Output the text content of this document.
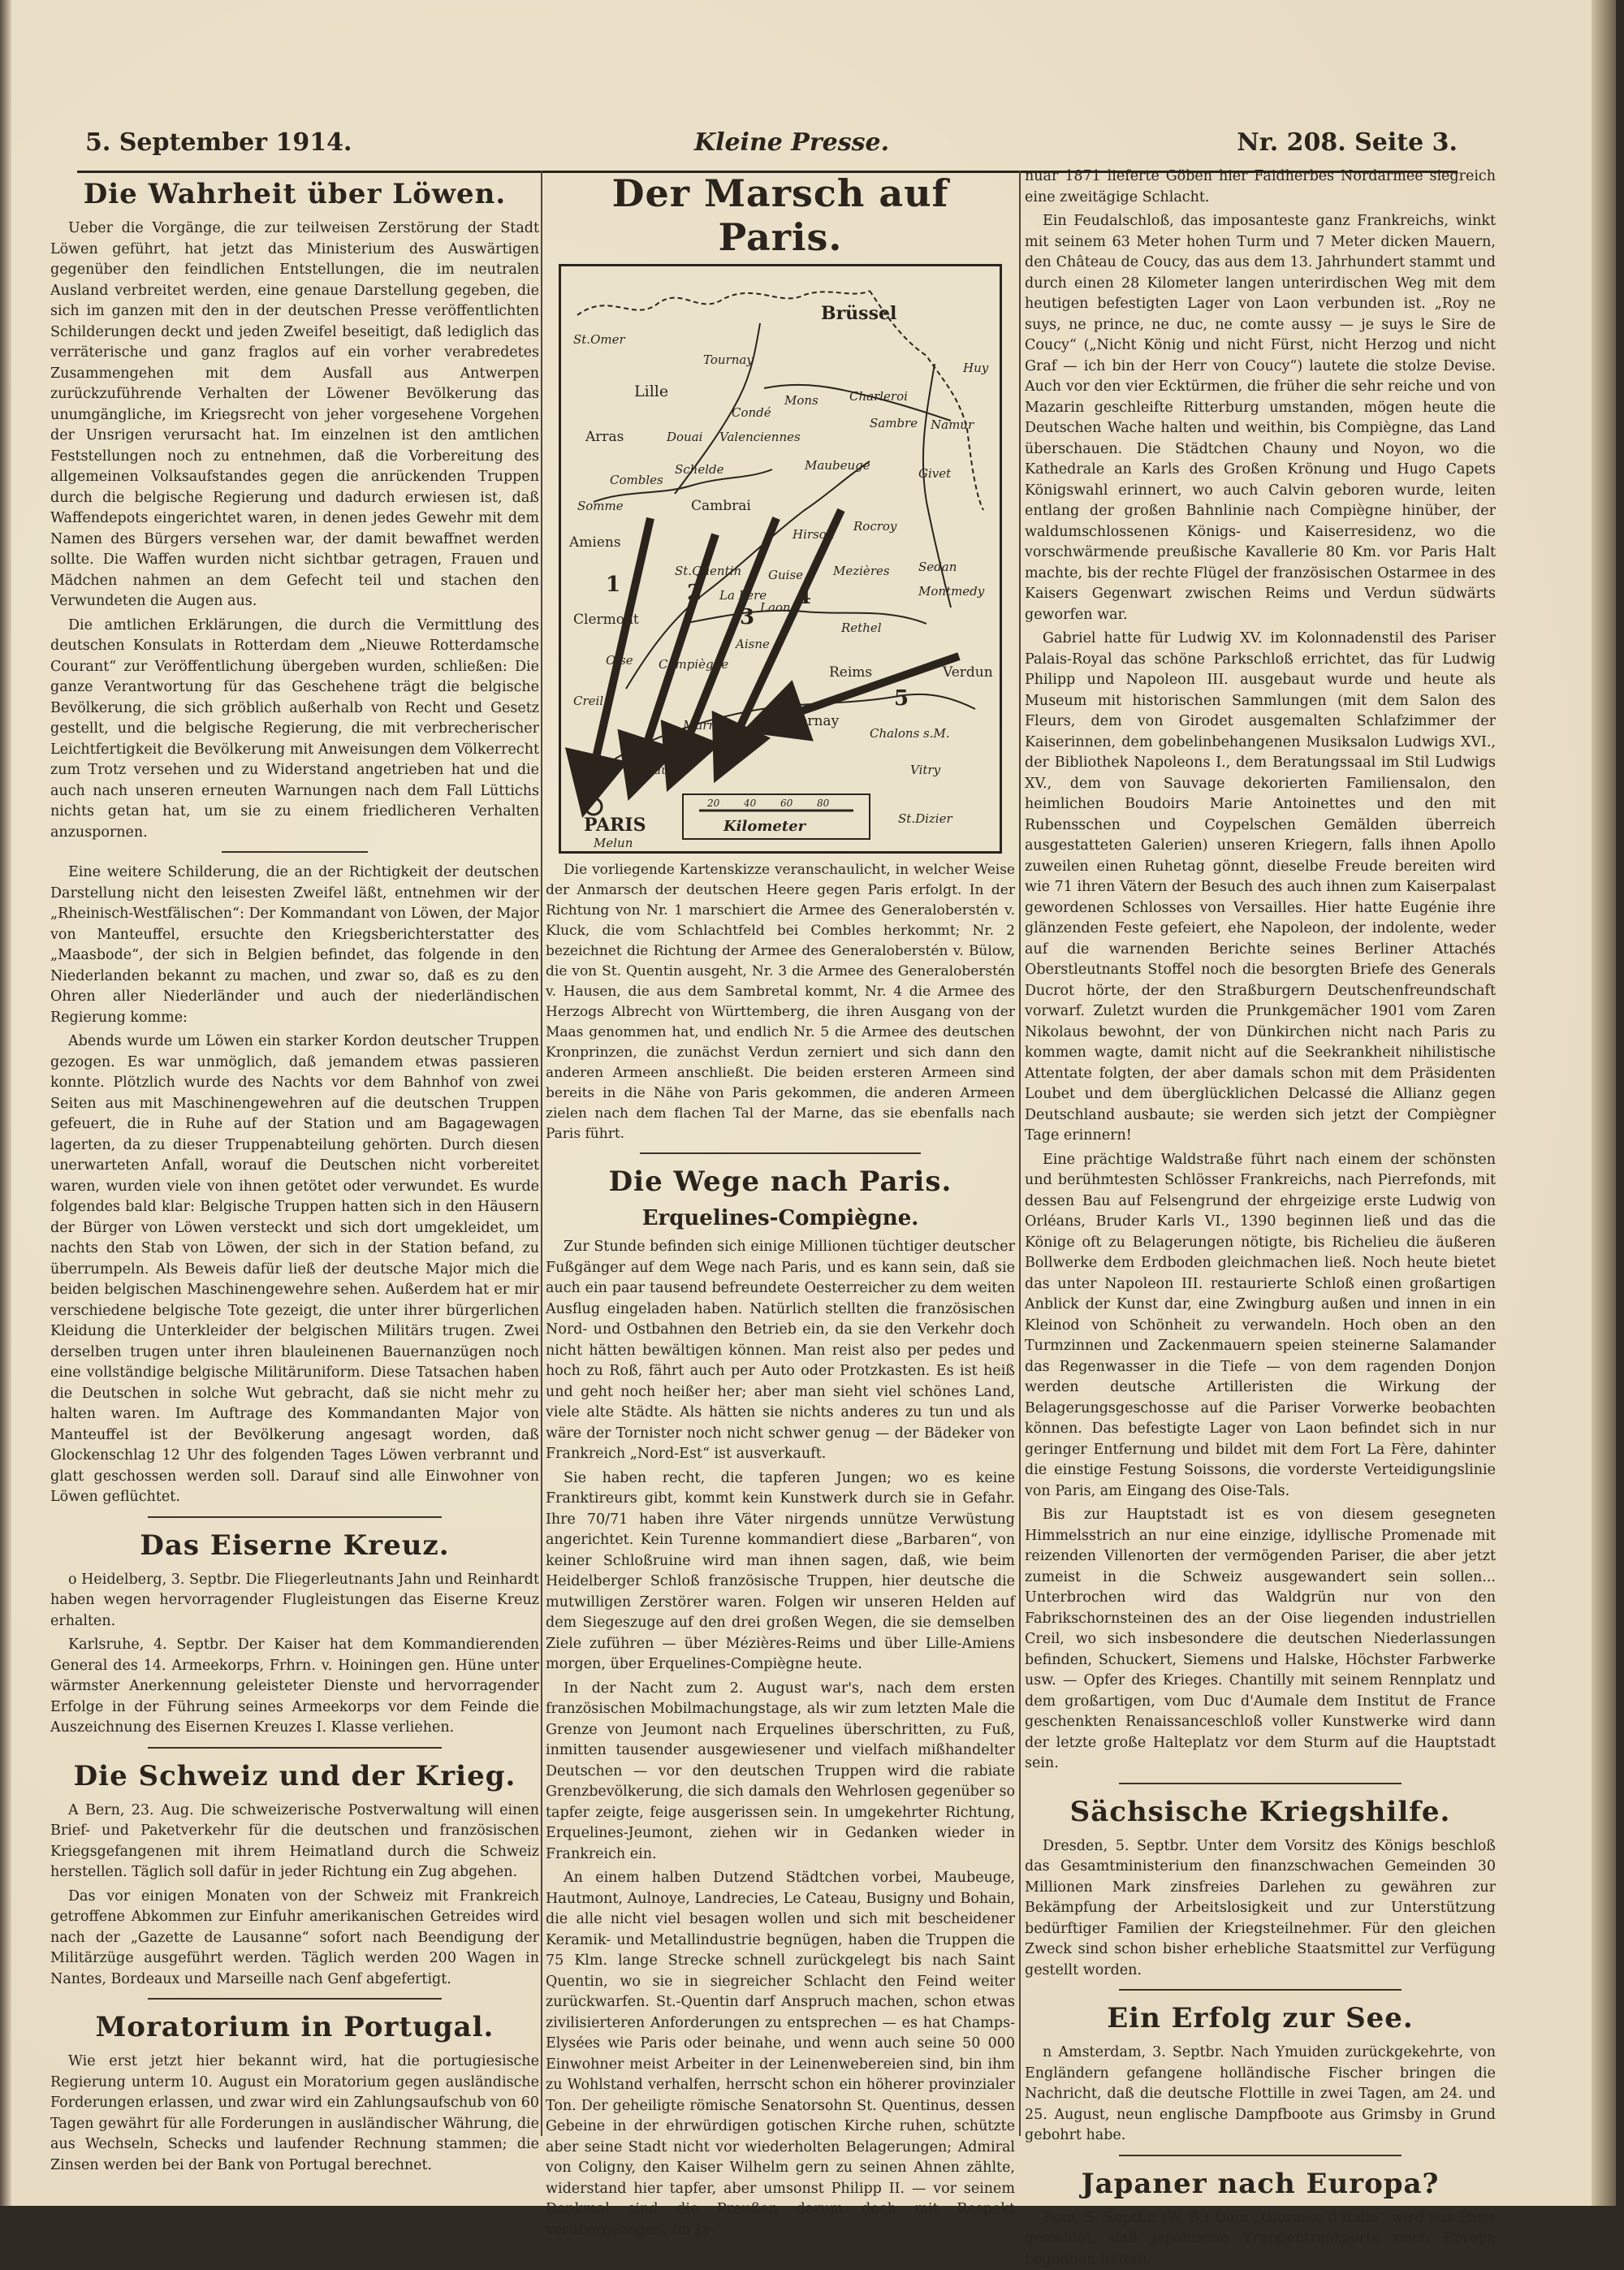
5. September 1914.	Kleine Presse.	Nr. 208. Seite 3.
Die Wahrheit über Löwen.

Ueber die Vorgänge, die zur teilweisen Zerstörung der Stadt Löwen geführt, hat jetzt das Ministerium des Auswärtigen gegenüber den feindlichen Entstellungen, die im neutralen Ausland verbreitet werden, eine genaue Darstellung gegeben, die sich im ganzen mit den in der deutschen Presse veröffentlichten Schilderungen deckt und jeden Zweifel beseitigt, daß lediglich das verräterische und ganz fraglos auf ein vorher verabredetes Zusammengehen mit dem Ausfall aus Antwerpen zurückzuführende Verhalten der Löwener Bevölkerung das unumgängliche, im Kriegsrecht von jeher vorgesehene Vorgehen der Unsrigen verursacht hat. Im einzelnen ist den amtlichen Feststellungen noch zu entnehmen, daß die Vorbereitung des allgemeinen Volksaufstandes gegen die anrückenden Truppen durch die belgische Regierung und dadurch erwiesen ist, daß Waffendepots eingerichtet waren, in denen jedes Gewehr mit dem Namen des Bürgers versehen war, der damit bewaffnet werden sollte. Die Waffen wurden nicht sichtbar getragen, Frauen und Mädchen nahmen an dem Gefecht teil und stachen den Verwundeten die Augen aus.

Die amtlichen Erklärungen, die durch die Vermittlung des deutschen Konsulats in Rotterdam dem „Nieuwe Rotterdamsche Courant“ zur Veröffentlichung übergeben wurden, schließen: Die ganze Verantwortung für das Geschehene trägt die belgische Bevölkerung, die sich gröblich außerhalb von Recht und Gesetz gestellt, und die belgische Regierung, die mit verbrecherischer Leichtfertigkeit die Bevölkerung mit Anweisungen dem Völkerrecht zum Trotz versehen und zu Widerstand angetrieben hat und die auch nach unseren erneuten Warnungen nach dem Fall Lüttichs nichts getan hat, um sie zu einem friedlicheren Verhalten anzuspornen.

Eine weitere Schilderung, die an der Richtigkeit der deutschen Darstellung nicht den leisesten Zweifel läßt, entnehmen wir der „Rheinisch-Westfälischen“: Der Kommandant von Löwen, der Major von Manteuffel, ersuchte den Kriegsberichterstatter des „Maasbode“, der sich in Belgien befindet, das folgende in den Niederlanden bekannt zu machen, und zwar so, daß es zu den Ohren aller Niederländer und auch der niederländischen Regierung komme:

Abends wurde um Löwen ein starker Kordon deutscher Truppen gezogen. Es war unmöglich, daß jemandem etwas passieren konnte. Plötzlich wurde des Nachts vor dem Bahnhof von zwei Seiten aus mit Maschinengewehren auf die deutschen Truppen gefeuert, die in Ruhe auf der Station und am Bagagewagen lagerten, da zu dieser Truppenabteilung gehörten. Durch diesen unerwarteten Anfall, worauf die Deutschen nicht vorbereitet waren, wurden viele von ihnen getötet oder verwundet. Es wurde folgendes bald klar: Belgische Truppen hatten sich in den Häusern der Bürger von Löwen versteckt und sich dort umgekleidet, um nachts den Stab von Löwen, der sich in der Station befand, zu überrumpeln. Als Beweis dafür ließ der deutsche Major mich die beiden belgischen Maschinengewehre sehen. Außerdem hat er mir verschiedene belgische Tote gezeigt, die unter ihrer bürgerlichen Kleidung die Unterkleider der belgischen Militärs trugen. Zwei derselben trugen unter ihren blauleinenen Bauernanzügen noch eine vollständige belgische Militäruniform. Diese Tatsachen haben die Deutschen in solche Wut gebracht, daß sie nicht mehr zu halten waren. Im Auftrage des Kommandanten Major von Manteuffel ist der Bevölkerung angesagt worden, daß Glockenschlag 12 Uhr des folgenden Tages Löwen verbrannt und glatt geschossen werden soll. Darauf sind alle Einwohner von Löwen geflüchtet.

Das Eiserne Kreuz.

o Heidelberg, 3. Septbr. Die Fliegerleutnants Jahn und Reinhardt haben wegen hervorragender Flugleistungen das Eiserne Kreuz erhalten.

Karlsruhe, 4. Septbr. Der Kaiser hat dem Kommandierenden General des 14. Armeekorps, Frhrn. v. Hoiningen gen. Hüne unter wärmster Anerkennung geleisteter Dienste und hervorragender Erfolge in der Führung seines Armeekorps vor dem Feinde die Auszeichnung des Eisernen Kreuzes I. Klasse verliehen.

Die Schweiz und der Krieg.

A Bern, 23. Aug. Die schweizerische Postverwaltung will einen Brief- und Paketverkehr für die deutschen und französischen Kriegsgefangenen mit ihrem Heimatland durch die Schweiz herstellen. Täglich soll dafür in jeder Richtung ein Zug abgehen.

Das vor einigen Monaten von der Schweiz mit Frankreich getroffene Abkommen zur Einfuhr amerikanischen Getreides wird nach der „Gazette de Lausanne“ sofort nach Beendigung der Militärzüge ausgeführt werden. Täglich werden 200 Wagen in Nantes, Bordeaux und Marseille nach Genf abgefertigt.

Moratorium in Portugal.

Wie erst jetzt hier bekannt wird, hat die portugiesische Regierung unterm 10. August ein Moratorium gegen ausländische Forderungen erlassen, und zwar wird ein Zahlungsaufschub von 60 Tagen gewährt für alle Forderungen in ausländischer Währung, die aus Wechseln, Schecks und laufender Rechnung stammen; die Zinsen werden bei der Bank von Portugal berechnet.

Der Marsch auf Paris.
Brüssel
St.Omer
Lille
Tournay
Huy
Mons	Charleroi
Arras	Douai
Condé
Valenciennes
Sambre Namur
Combles
Schelde	Maubeuge
Givet
Somme	Cambrai
Amiens	Hirson
Rocroy
St.Quentin Guise Mezières Sedan
La Fère	Montmedy
Laon
Clermont	Rethel
Aisne
Oise Compiègne	Reims	Verdun
Creil
Marne	Epernay
Chalons s.M.
Meaux	Vitry
PARIS
Melun
St.Dizier
20 40 60 80
Kilometer
1	2
3
4
5

Die vorliegende Kartenskizze veranschaulicht, in welcher Weise der Anmarsch der deutschen Heere gegen Paris erfolgt. In der Richtung von Nr. 1 marschiert die Armee des Generaloberstén v. Kluck, die vom Schlachtfeld bei Combles herkommt; Nr. 2 bezeichnet die Richtung der Armee des Generaloberstén v. Bülow, die von St. Quentin ausgeht, Nr. 3 die Armee des Generaloberstén v. Hausen, die aus dem Sambretal kommt, Nr. 4 die Armee des Herzogs Albrecht von Württemberg, die ihren Ausgang von der Maas genommen hat, und endlich Nr. 5 die Armee des deutschen Kronprinzen, die zunächst Verdun zerniert und sich dann den anderen Armeen anschließt. Die beiden ersteren Armeen sind bereits in die Nähe von Paris gekommen, die anderen Armeen zielen nach dem flachen Tal der Marne, das sie ebenfalls nach Paris führt.

Die Wege nach Paris.
Erquelines-Compiègne.

Zur Stunde befinden sich einige Millionen tüchtiger deutscher Fußgänger auf dem Wege nach Paris, und es kann sein, daß sie auch ein paar tausend befreundete Oesterreicher zu dem weiten Ausflug eingeladen haben. Natürlich stellten die französischen Nord- und Ostbahnen den Betrieb ein, da sie den Verkehr doch nicht hätten bewältigen können. Man reist also per pedes und hoch zu Roß, fährt auch per Auto oder Protzkasten. Es ist heiß und geht noch heißer her; aber man sieht viel schönes Land, viele alte Städte. Als hätten sie nichts anderes zu tun und als wäre der Tornister noch nicht schwer genug — der Bädeker von Frankreich „Nord-Est“ ist ausverkauft.

Sie haben recht, die tapferen Jungen; wo es keine Franktireurs gibt, kommt kein Kunstwerk durch sie in Gefahr. Ihre 70/71 haben ihre Väter nirgends unnütze Verwüstung angerichtet. Kein Turenne kommandiert diese „Barbaren“, von keiner Schloßruine wird man ihnen sagen, daß, wie beim Heidelberger Schloß französische Truppen, hier deutsche die mutwilligen Zerstörer waren. Folgen wir unseren Helden auf dem Siegeszuge auf den drei großen Wegen, die sie demselben Ziele zuführen — über Mézières-Reims und über Lille-Amiens morgen, über Erquelines-Compiègne heute.

In der Nacht zum 2. August war's, nach dem ersten französischen Mobilmachungstage, als wir zum letzten Male die Grenze von Jeumont nach Erquelines überschritten, zu Fuß, inmitten tausender ausgewiesener und vielfach mißhandelter Deutschen — vor den deutschen Truppen wird die rabiate Grenzbevölkerung, die sich damals den Wehrlosen gegenüber so tapfer zeigte, feige ausgerissen sein. In umgekehrter Richtung, Erquelines-Jeumont, ziehen wir in Gedanken wieder in Frankreich ein.

An einem halben Dutzend Städtchen vorbei, Maubeuge, Hautmont, Aulnoye, Landrecies, Le Cateau, Busigny und Bohain, die alle nicht viel besagen wollen und sich mit bescheidener Keramik- und Metallindustrie begnügen, haben die Truppen die 75 Klm. lange Strecke schnell zurückgelegt bis nach Saint Quentin, wo sie in siegreicher Schlacht den Feind weiter zurückwarfen. St.-Quentin darf Anspruch machen, schon etwas zivilisierteren Anforderungen zu entsprechen — es hat Champs-Elysées wie Paris oder beinahe, und wenn auch seine 50 000 Einwohner meist Arbeiter in der Leinenwebereien sind, bin ihm zu Wohlstand verhalfen, herrscht schon ein höherer provinzialer Ton. Der geheiligte römische Senatorsohn St. Quentinus, dessen Gebeine in der ehrwürdigen gotischen Kirche ruhen, schützte aber seine Stadt nicht vor wiederholten Belagerungen; Admiral von Coligny, den Kaiser Wilhelm gern zu seinen Ahnen zählte, widerstand hier tapfer, aber umsonst Philipp II. — vor seinem Denkmal sind die Preußen darum doch mit Respekt vorübergezogen. Im Ja-

nuar 1871 lieferte Göben hier Faidherbes Nordarmee siegreich eine zweitägige Schlacht.

Ein Feudalschloß, das imposanteste ganz Frankreichs, winkt mit seinem 63 Meter hohen Turm und 7 Meter dicken Mauern, den Château de Coucy, das aus dem 13. Jahrhundert stammt und durch einen 28 Kilometer langen unterirdischen Weg mit dem heutigen befestigten Lager von Laon verbunden ist. „Roy ne suys, ne prince, ne duc, ne comte aussy — je suys le Sire de Coucy“ („Nicht König und nicht Fürst, nicht Herzog und nicht Graf — ich bin der Herr von Coucy“) lautete die stolze Devise. Auch vor den vier Ecktürmen, die früher die sehr reiche und von Mazarin geschleifte Ritterburg umstanden, mögen heute die Deutschen Wache halten und weithin, bis Compiègne, das Land überschauen. Die Städtchen Chauny und Noyon, wo die Kathedrale an Karls des Großen Krönung und Hugo Capets Königswahl erinnert, wo auch Calvin geboren wurde, leiten entlang der großen Bahnlinie nach Compiègne hinüber, der waldumschlossenen Königs- und Kaiserresidenz, wo die vorschwärmende preußische Kavallerie 80 Km. vor Paris Halt machte, bis der rechte Flügel der französischen Ostarmee in des Kaisers Gegenwart zwischen Reims und Verdun südwärts geworfen war.

Gabriel hatte für Ludwig XV. im Kolonnadenstil des Pariser Palais-Royal das schöne Parkschloß errichtet, das für Ludwig Philipp und Napoleon III. ausgebaut wurde und heute als Museum mit historischen Sammlungen (mit dem Salon des Fleurs, dem von Girodet ausgemalten Schlafzimmer der Kaiserinnen, dem gobelinbehangenen Musiksalon Ludwigs XVI., der Bibliothek Napoleons I., dem Beratungssaal im Stil Ludwigs XV., dem von Sauvage dekorierten Familiensalon, den heimlichen Boudoirs Marie Antoinettes und den mit Rubensschen und Coypelschen Gemälden überreich ausgestatteten Galerien) unseren Kriegern, falls ihnen Apollo zuweilen einen Ruhetag gönnt, dieselbe Freude bereiten wird wie 71 ihren Vätern der Besuch des auch ihnen zum Kaiserpalast gewordenen Schlosses von Versailles. Hier hatte Eugénie ihre glänzenden Feste gefeiert, ehe Napoleon, der indolente, weder auf die warnenden Berichte seines Berliner Attachés Oberstleutnants Stoffel noch die besorgten Briefe des Generals Ducrot hörte, der den Straßburgern Deutschenfreundschaft vorwarf. Zuletzt wurden die Prunkgemächer 1901 vom Zaren Nikolaus bewohnt, der von Dünkirchen nicht nach Paris zu kommen wagte, damit nicht auf die Seekrankheit nihilistische Attentate folgten, der aber damals schon mit dem Präsidenten Loubet und dem überglücklichen Delcassé die Allianz gegen Deutschland ausbaute; sie werden sich jetzt der Compiègner Tage erinnern!

Eine prächtige Waldstraße führt nach einem der schönsten und berühmtesten Schlösser Frankreichs, nach Pierrefonds, mit dessen Bau auf Felsengrund der ehrgeizige erste Ludwig von Orléans, Bruder Karls VI., 1390 beginnen ließ und das die Könige oft zu Belagerungen nötigte, bis Richelieu die äußeren Bollwerke dem Erdboden gleichmachen ließ. Noch heute bietet das unter Napoleon III. restaurierte Schloß einen großartigen Anblick der Kunst dar, eine Zwingburg außen und innen in ein Kleinod von Schönheit zu verwandeln. Hoch oben an den Turmzinnen und Zackenmauern speien steinerne Salamander das Regenwasser in die Tiefe — von dem ragenden Donjon werden deutsche Artilleristen die Wirkung der Belagerungsgeschosse auf die Pariser Vorwerke beobachten können. Das befestigte Lager von Laon befindet sich in nur geringer Entfernung und bildet mit dem Fort La Fère, dahinter die einstige Festung Soissons, die vorderste Verteidigungslinie von Paris, am Eingang des Oise-Tals.

Bis zur Hauptstadt ist es von diesem gesegneten Himmelsstrich an nur eine einzige, idyllische Promenade mit reizenden Villenorten der vermögenden Pariser, die aber jetzt zumeist in die Schweiz ausgewandert sein sollen... Unterbrochen wird das Waldgrün nur von den Fabrikschornsteinen des an der Oise liegenden industriellen Creil, wo sich insbesondere die deutschen Niederlassungen befinden, Schuckert, Siemens und Halske, Höchster Farbwerke usw. — Opfer des Krieges. Chantilly mit seinem Rennplatz und dem großartigen, vom Duc d'Aumale dem Institut de France geschenkten Renaissanceschloß voller Kunstwerke wird dann der letzte große Halteplatz vor dem Sturm auf die Hauptstadt sein.

Sächsische Kriegshilfe.

Dresden, 5. Septbr. Unter dem Vorsitz des Königs beschloß das Gesamtministerium den finanzschwachen Gemeinden 30 Millionen Mark zinsfreies Darlehen zu gewähren zur Bekämpfung der Arbeitslosigkeit und zur Unterstützung bedürftiger Familien der Kriegsteilnehmer. Für den gleichen Zweck sind schon bisher erhebliche Staatsmittel zur Verfügung gestellt worden.

Ein Erfolg zur See.

n Amsterdam, 3. Septbr. Nach Ymuiden zurückgekehrte, von Engländern gefangene holländische Fischer bringen die Nachricht, daß die deutsche Flottille in zwei Tagen, am 24. und 25. August, neun englische Dampfboote aus Grimsby in Grund gebohrt habe.

Japaner nach Europa?

Rom, 5. Septbr. (W. B.) Dem „Giornale d'Italia“ wird aus Paris gemeldet, daß japanische Truppentransporte nach Europa begonnen hätten.
